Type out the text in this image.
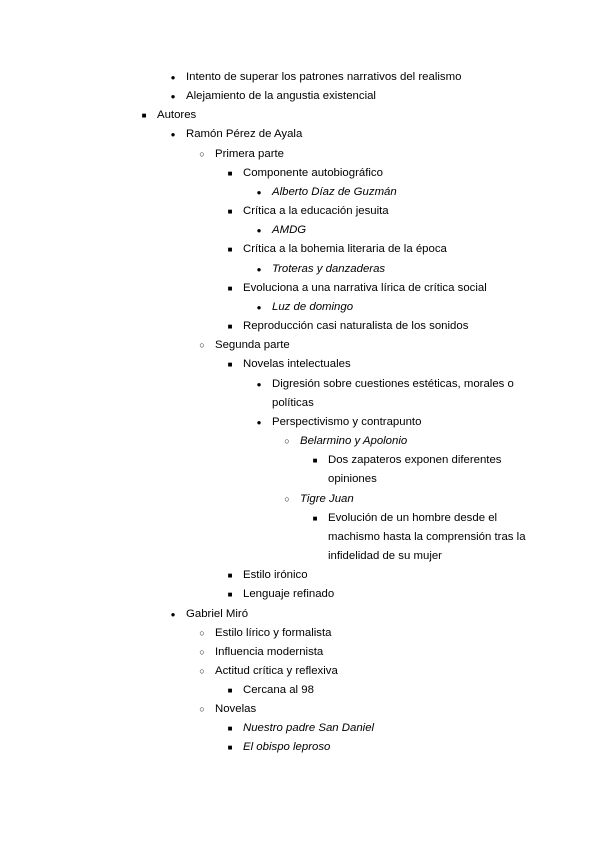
● Intento de superar los patrones narrativos del realismo
● Alejamiento de la angustia existencial
■ Autores
● Ramón Pérez de Ayala
○ Primera parte
■ Componente autobiográfico
● Alberto Díaz de Guzmán
■ Crítica a la educación jesuita
● AMDG
■ Crítica a la bohemia literaria de la época
● Troteras y danzaderas
■ Evoluciona a una narrativa lírica de crítica social
● Luz de domingo
■ Reproducción casi naturalista de los sonidos
○ Segunda parte
■ Novelas intelectuales
● Digresión sobre cuestiones estéticas, morales o
políticas
● Perspectivismo y contrapunto
○ Belarmino y Apolonio
■ Dos zapateros exponen diferentes
opiniones
○ Tigre Juan
■ Evolución de un hombre desde el
machismo hasta la comprensión tras la
infidelidad de su mujer
■ Estilo irónico
■ Lenguaje refinado
● Gabriel Miró
○ Estilo lírico y formalista
○ Influencia modernista
○ Actitud crítica y reflexiva
■ Cercana al 98
○ Novelas
■ Nuestro padre San Daniel
■ El obispo leproso
